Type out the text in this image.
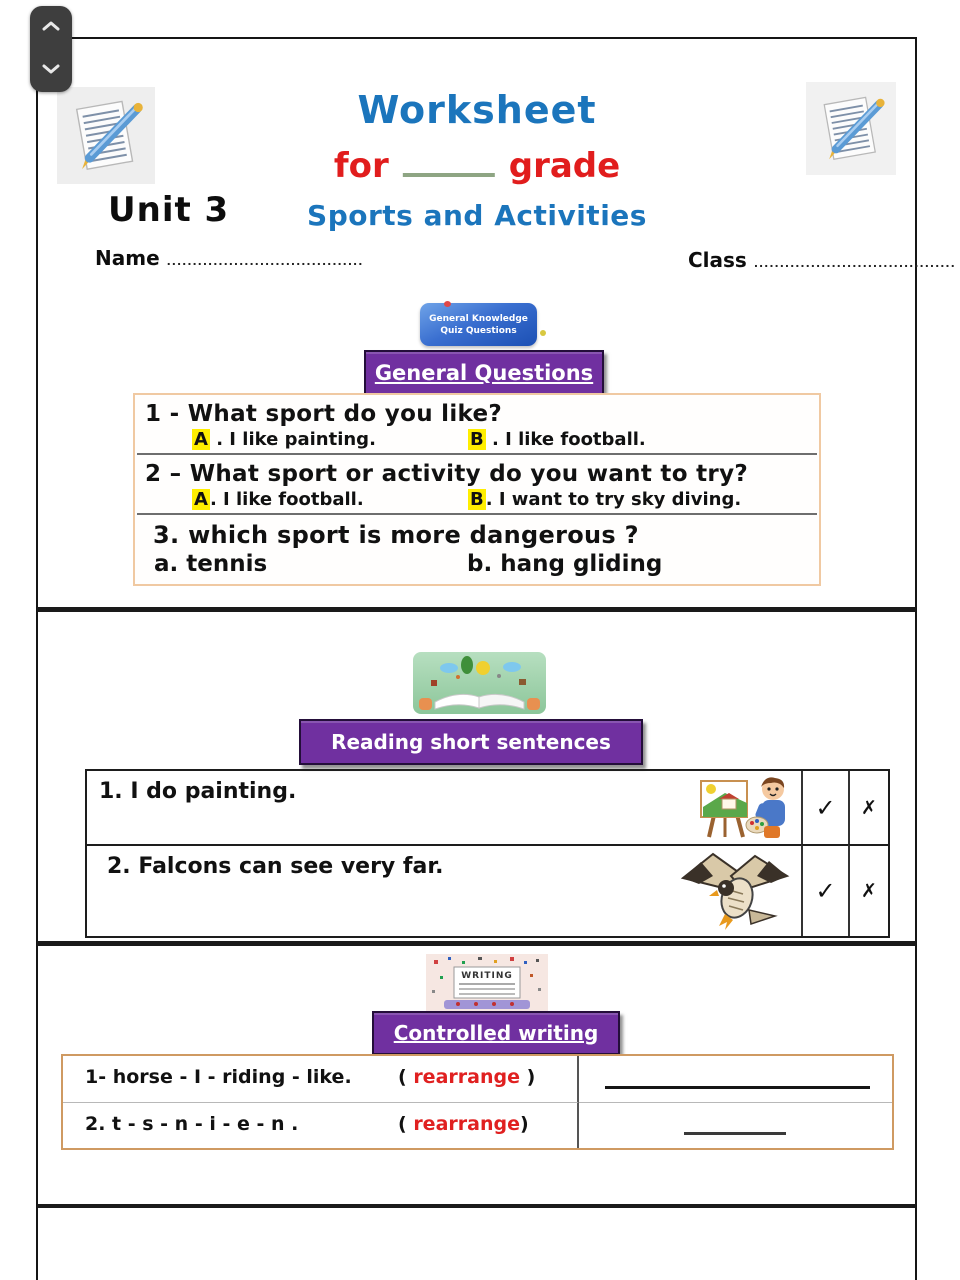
Worksheet
for	grade
Unit 3	Sports and Activities
Name ......................................	Class .......................................
General Knowledge
Quiz Questions
General Questions
1 - What sport do you like?
A . I like painting.	B . I like football.
2 – What sport or activity do you want to try?
A . I like football.	B . I want to try sky diving.
3. which sport is more dangerous ?
a. tennis	b. hang gliding
Reading short sentences
1. I do painting.
✓ ✗
2. Falcons can see very far.
✓ ✗
WRITING
Controlled writing
1- horse - I - riding - like. ( rearrange )
2. t - s - n - i - e - n .	( rearrange)
